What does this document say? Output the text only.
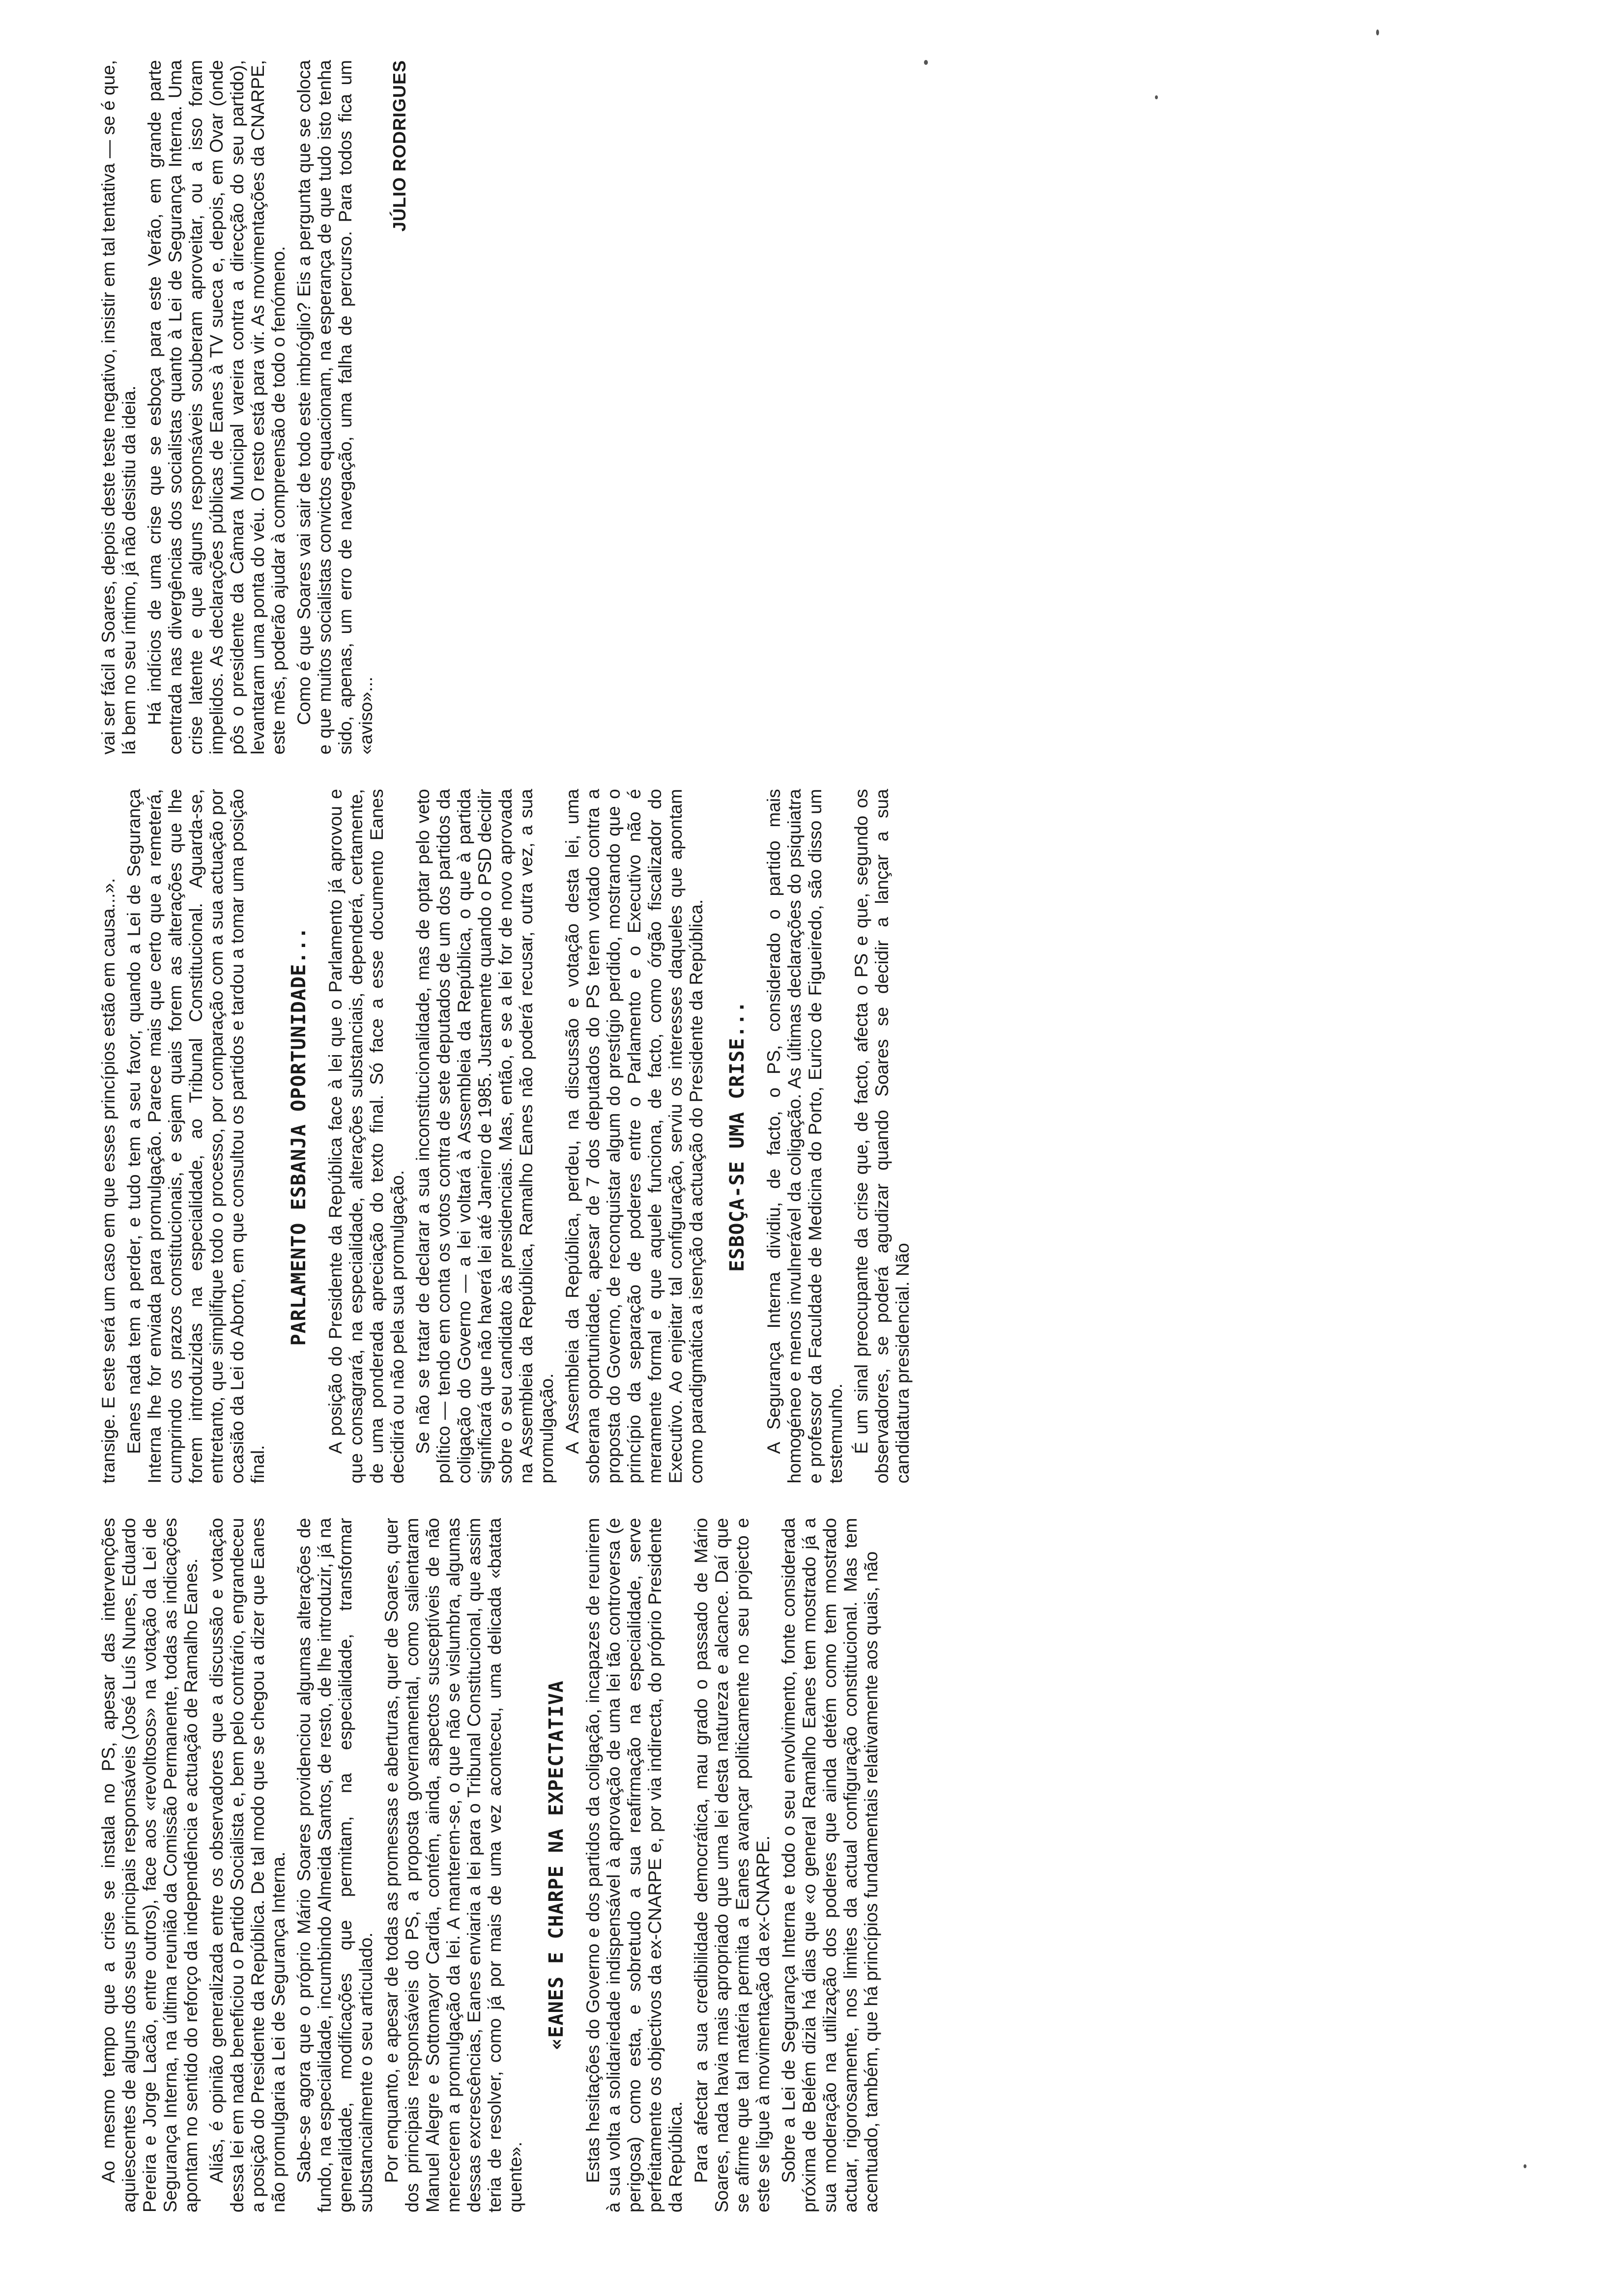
Ao mesmo tempo que a crise se instala no PS, apesar das intervenções aquiescentes de alguns dos seus principais responsáveis (José Luís Nunes, Eduardo Pereira e Jorge Lacão, entre outros), face aos «revoltosos» na votação da Lei de Segurança Interna, na última reunião da Comissão Permanente, todas as indicações apontam no sentido do reforço da independência e actuação de Ramalho Eanes. Aliás, é opinião generalizada entre os observadores que a discussão e votação dessa lei em nada beneficiou o Partido Socialista e, bem pelo contrário, engrandeceu a posição do Presidente da República. De tal modo que se chegou a dizer que Eanes não promulgaria a Lei de Segurança Interna. Sabe-se agora que o próprio Mário Soares providenciou algumas alterações de fundo, na especialidade, incumbindo Almeida Santos, de resto, de lhe introduzir, já na generalidade, modificações que permitam, na especialidade, transformar substancialmente o seu articulado. Por enquanto, e apesar de todas as promessas e aberturas, quer de Soares, quer dos principais responsáveis do PS, a proposta governamental, como salientaram Manuel Alegre e Sottomayor Cardia, contém, ainda, aspectos susceptíveis de não merecerem a promulgação da lei. A manterem-se, o que não se vislumbra, algumas dessas excrescências, Eanes enviaria a lei para o Tribunal Constitucional, que assim teria de resolver, como já por mais de uma vez aconteceu, uma delicada «batata quente».

«EANES E CHARPE NA EXPECTATIVA Estas hesitações do Governo e dos partidos da coligação, incapazes de reunirem à sua volta a solidariedade indispensável à aprovação de uma lei tão controversa (e perigosa) como esta, e sobretudo a sua reafirmação na especialidade, serve perfeitamente os objectivos da ex-CNARPE e, por via indirecta, do próprio Presidente da República. Para afectar a sua credibilidade democrática, mau grado o passado de Mário Soares, nada havia mais apropriado que uma lei desta natureza e alcance. Daí que se afirme que tal matéria permita a Eanes avançar politicamente no seu projecto e este se ligue à movimentação da ex-CNARPE. Sobre a Lei de Segurança Interna e todo o seu envolvimento, fonte considerada próxima de Belém dizia há dias que «o general Ramalho Eanes tem mostrado já a sua moderação na utilização dos poderes que ainda detém como tem mostrado actuar, rigorosamente, nos limites da actual configuração constitucional. Mas tem acentuado, também, que há princípios fundamentais relativamente aos quais, não

transige. E este será um caso em que esses princípios estão em causa...». Eanes nada tem a perder, e tudo tem a seu favor, quando a Lei de Segurança Interna lhe for enviada para promulgação. Parece mais que certo que a remeterá, cumprindo os prazos constitucionais, e sejam quais forem as alterações que lhe forem introduzidas na especialidade, ao Tribunal Constitucional. Aguarda-se, entretanto, que simplifique todo o processo, por comparação com a sua actuação por ocasião da Lei do Aborto, em que consultou os partidos e tardou a tomar uma posição final.

PARLAMENTO ESBANJA OPORTUNIDADE... A posição do Presidente da República face à lei que o Parlamento já aprovou e que consagrará, na especialidade, alterações substanciais, dependerá, certamente, de uma ponderada apreciação do texto final. Só face a esse documento Eanes decidirá ou não pela sua promulgação. Se não se tratar de declarar a sua inconstitucionalidade, mas de optar pelo veto político — tendo em conta os votos contra de sete deputados de um dos partidos da coligação do Governo — a lei voltará à Assembleia da República, o que à partida significará que não haverá lei até Janeiro de 1985. Justamente quando o PSD decidir sobre o seu candidato às presidenciais. Mas, então, e se a lei for de novo aprovada na Assembleia da República, Ramalho Eanes não poderá recusar, outra vez, a sua promulgação. A Assembleia da República, perdeu, na discussão e votação desta lei, uma soberana oportunidade, apesar de 7 dos deputados do PS terem votado contra a proposta do Governo, de reconquistar algum do prestígio perdido, mostrando que o princípio da separação de poderes entre o Parlamento e o Executivo não é meramente formal e que aquele funciona, de facto, como órgão fiscalizador do Executivo. Ao enjeitar tal configuração, serviu os interesses daqueles que apontam como paradigmática a isenção da actuação do Presidente da República. ESBOÇA-SE UMA CRISE... A Segurança Interna dividiu, de facto, o PS, considerado o partido mais homogéneo e menos invulnerável da coligação. As últimas declarações do psiquiatra e professor da Faculdade de Medicina do Porto, Eurico de Figueiredo, são disso um testemunho. É um sinal preocupante da crise que, de facto, afecta o PS e que, segundo os observadores, se poderá agudizar quando Soares se decidir a lançar a sua candidatura presidencial. Não

vai ser fácil a Soares, depois deste teste negativo, insistir em tal tentativa — se é que, lá bem no seu íntimo, já não desistiu da ideia. Há indícios de uma crise que se esboça para este Verão, em grande parte centrada nas divergências dos socialistas quanto à Lei de Segurança Interna. Uma crise latente e que alguns responsáveis souberam aproveitar, ou a isso foram impelidos. As declarações públicas de Eanes à TV sueca e, depois, em Ovar (onde pôs o presidente da Câmara Municipal vareira contra a direcção do seu partido), levantaram uma ponta do véu. O resto está para vir. As movimentações da CNARPE, este mês, poderão ajudar à compreensão de todo o fenómeno. Como é que Soares vai sair de todo este imbróglio? Eis a pergunta que se coloca e que muitos socialistas convictos equacionam, na esperança de que tudo isto tenha sido, apenas, um erro de navegação, uma falha de percurso. Para todos fica um «aviso»...

JÚLIO RODRIGUES
